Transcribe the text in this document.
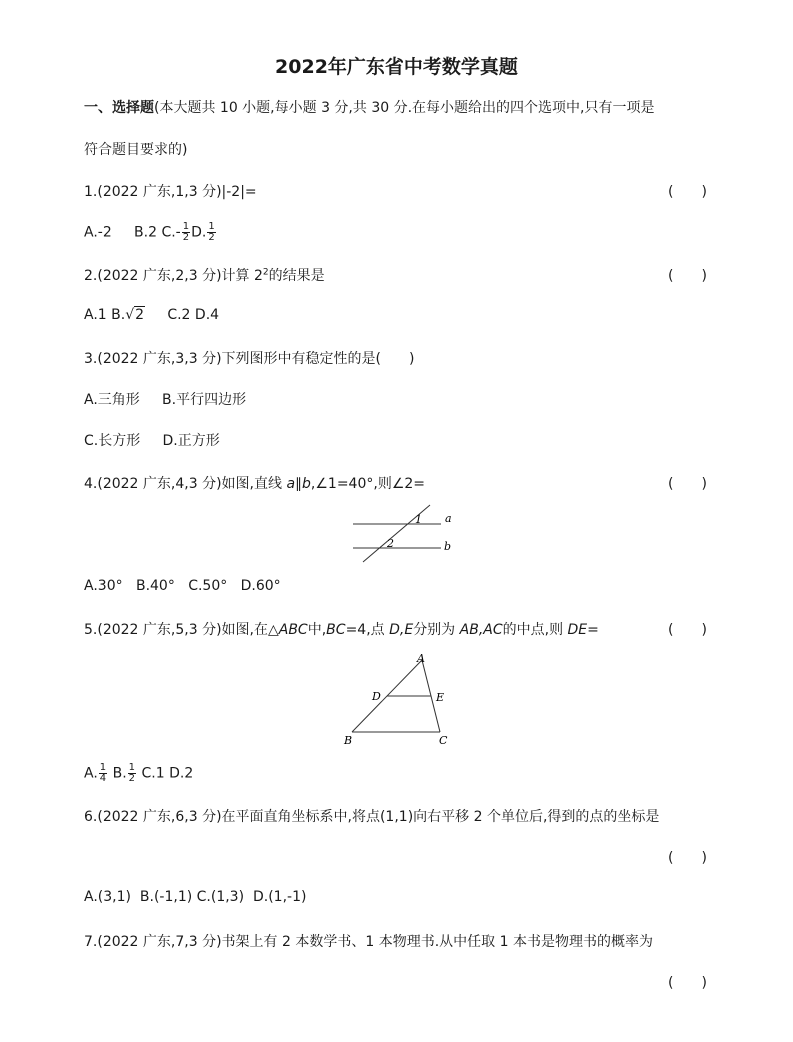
2022年广东省中考数学真题
一、选择题(本大题共 10 小题,每小题 3 分,共 30 分.在每小题给出的四个选项中,只有一项是
符合题目要求的)
1.(2022 广东,1,3 分)|-2|=	(　　)
A.-2 B.2 $C.- \frac{1}{2} D$. $\frac{1}{2}$
2.(2022 广东,2,3 分)计算 $2^2$的结果是	(　　)
A.1 B.√2 C.2 D.4
3.(2022 广东,3,3 分)下列图形中有稳定性的是(　　)
A.三角形 B.平行四边形
C.长方形 D.正方形
4.(2022 广东,4,3 分)如图,直线 a∥b,∠1=40°,则∠2=	(　　)
1
2
a
b
A.30° B.40° C.50° D.60°
5.(2022 广东,5,3 分)如图,在△ABC中,BC=4,点 D,E分别为 AB,AC的中点,则 DE=	(　　)
A
B	C
D	E
A. $\frac{1}{4} B$. $\frac{1}{2} C.1$ D.2
6.(2022 广东,6,3 分)在平面直角坐标系中,将点(1,1)向右平移 2 个单位后,得到的点的坐标是
(　　)
A.(3,1) B.(-1,1) C.(1,3) D.(1,-1)
7.(2022 广东,7,3 分)书架上有 2 本数学书、1 本物理书.从中任取 1 本书是物理书的概率为
(　　)
